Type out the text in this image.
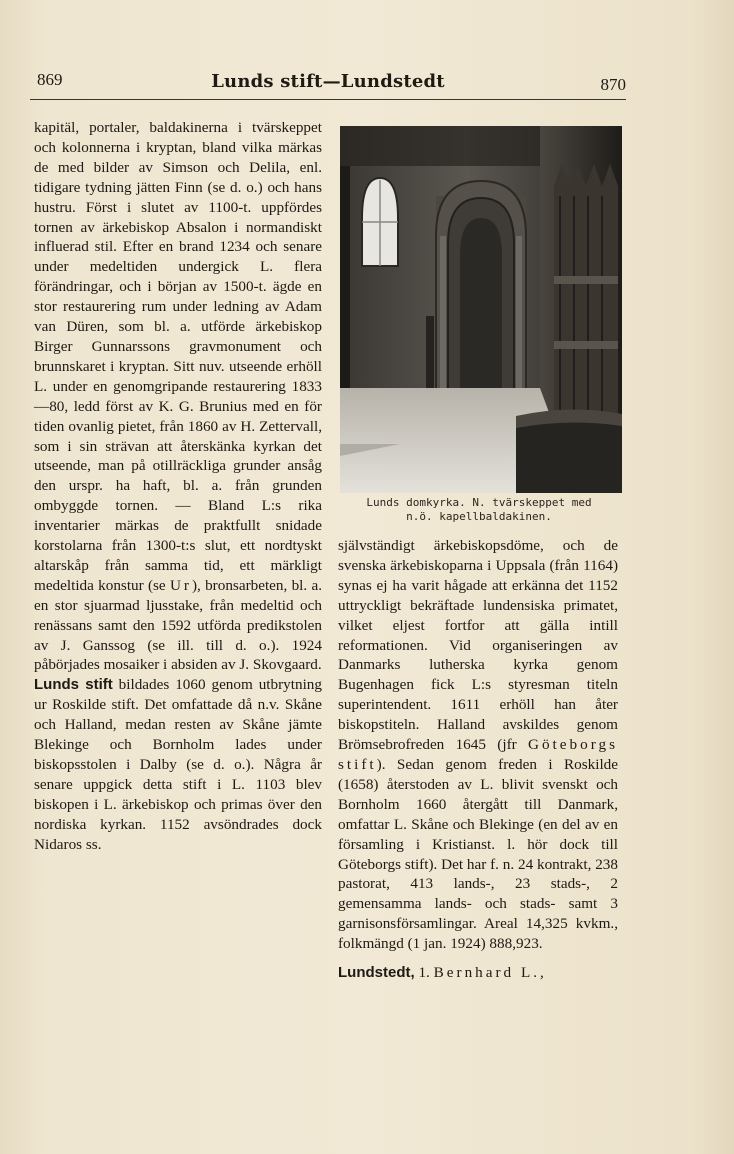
869	Lunds stift—Lundstedt	870

kapitäl, portaler, baldakinerna i tvärskeppet och kolonnerna i kryptan, bland vilka märkas de med bilder av Simson och Delila, enl. tidigare tydning jätten Finn (se d. o.) och hans hustru. Först i slutet av 1100-t. uppfördes tornen av ärkebiskop Absalon i normandiskt influerad stil. Efter en brand 1234 och senare under medeltiden undergick L. flera förändringar, och i början av 1500-t. ägde en stor restaurering rum under ledning av Adam van Düren, som bl. a. utförde ärkebiskop Birger Gunnarssons gravmonument och brunnskaret i kryptan. Sitt nuv. utseende erhöll L. under en genomgripande restaurering 1833—80, ledd först av K. G. Brunius med en för tiden ovanlig pietet, från 1860 av H. Zettervall, som i sin strävan att återskänka kyrkan det utseende, man på otillräckliga grunder ansåg den urspr. ha haft, bl. a. från grunden ombyggde tornen. — Bland L:s rika inventarier märkas de praktfullt snidade korstolarna från 1300-t:s slut, ett nordtyskt altarskåp från samma tid, ett märkligt medeltida konstur (se Ur), bronsarbeten, bl. a. en stor sjuarmad ljusstake, från medeltid och renässans samt den 1592 utförda predikstolen av J. Ganssog (se ill. till d. o.). 1924 påbörjades mosaiker i absiden av J. Skovgaard.

Lunds stift bildades 1060 genom utbrytning ur Roskilde stift. Det omfattade då n.v. Skåne och Halland, medan resten av Skåne jämte Blekinge och Bornholm lades under biskopsstolen i Dalby (se d. o.). Några år senare uppgick detta stift i L. 1103 blev biskopen i L. ärkebiskop och primas över den nordiska kyrkan. 1152 avsöndrades dock Nidaros ss.

Lunds domkyrka. N. tvärskeppet med
n.ö. kapellbaldakinen.

självständigt ärkebiskopsdöme, och de svenska ärkebiskoparna i Uppsala (från 1164) synas ej ha varit hågade att erkänna det 1152 uttryckligt bekräftade lundensiska primatet, vilket eljest fortfor att gälla intill reformationen. Vid organiseringen av Danmarks lutherska kyrka genom Bugenhagen fick L:s styresman titeln superintendent. 1611 erhöll han åter biskopstiteln. Halland avskildes genom Brömsebrofreden 1645 (jfr Göteborgs stift). Sedan genom freden i Roskilde (1658) återstoden av L. blivit svenskt och Bornholm 1660 återgått till Danmark, omfattar L. Skåne och Blekinge (en del av en församling i Kristianst. l. hör dock till Göteborgs stift). Det har f. n. 24 kontrakt, 238 pastorat, 413 lands-, 23 stads-, 2 gemensamma lands- och stads- samt 3 garnisonsförsamlingar. Areal 14,325 kvkm., folkmängd (1 jan. 1924) 888,923.

Lundstedt, 1. Bernhard L.,
